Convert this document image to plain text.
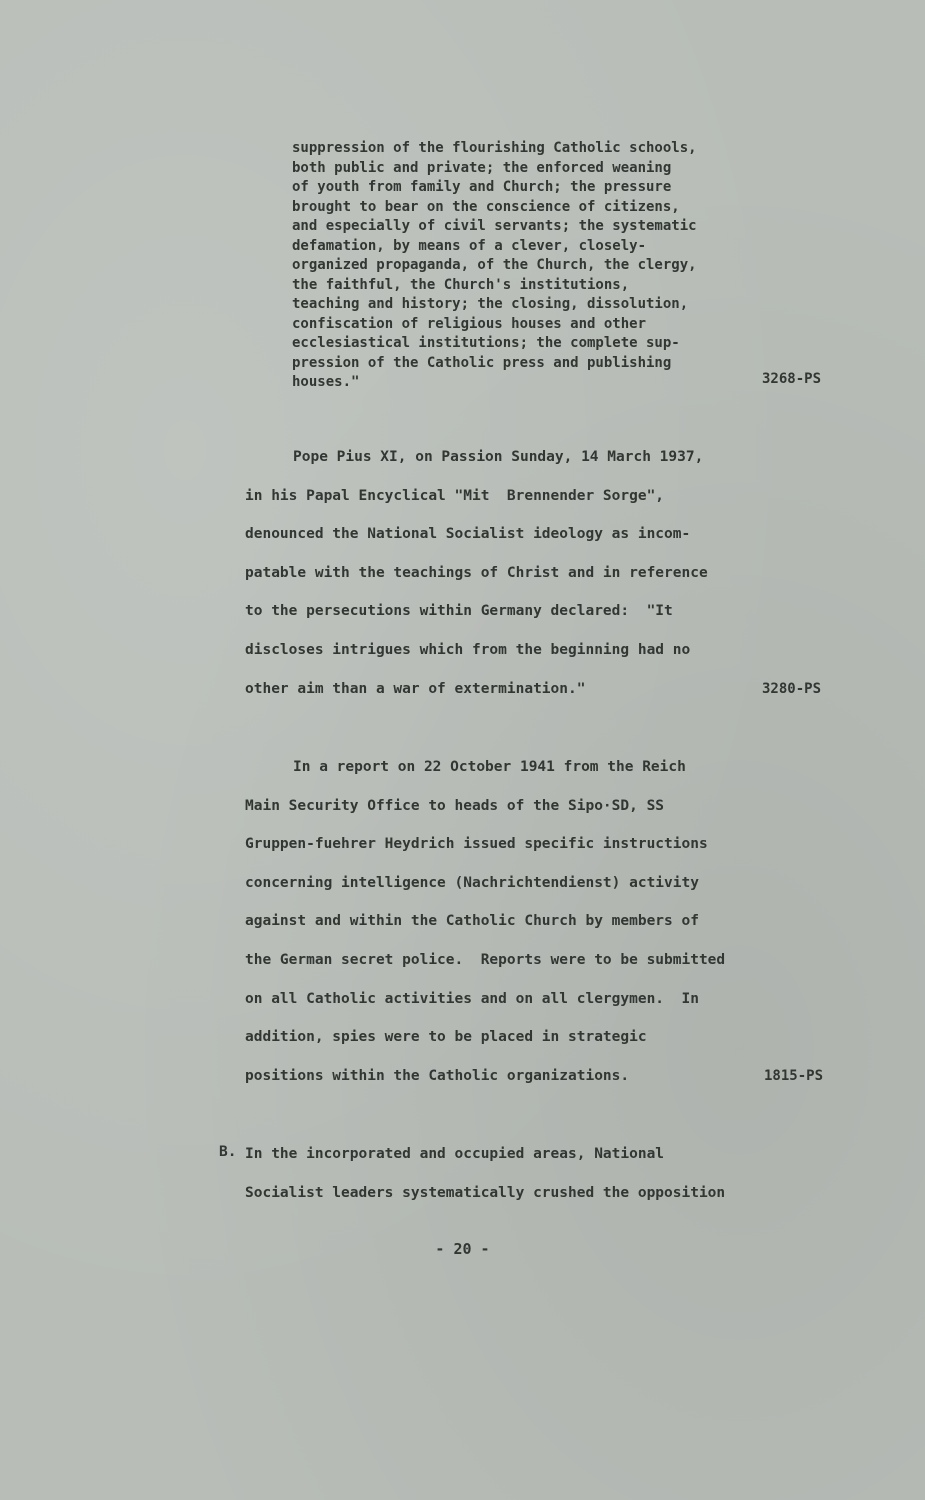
suppression of the flourishing Catholic schools,
both public and private; the enforced weaning
of youth from family and Church; the pressure
brought to bear on the conscience of citizens,
and especially of civil servants; the systematic
defamation, by means of a clever, closely-
organized propaganda, of the Church, the clergy,
the faithful, the Church's institutions,
teaching and history; the closing, dissolution,
confiscation of religious houses and other
ecclesiastical institutions; the complete sup-
pression of the Catholic press and publishing
houses."	3268-PS
Pope Pius XI, on Passion Sunday, 14 March 1937,
in his Papal Encyclical "Mit  Brennender Sorge",
denounced the National Socialist ideology as incom-
patable with the teachings of Christ and in reference
to the persecutions within Germany declared:  "It
discloses intrigues which from the beginning had no
other aim than a war of extermination."	3280-PS
In a report on 22 October 1941 from the Reich
Main Security Office to heads of the Sipo·SD, SS
Gruppen-fuehrer Heydrich issued specific instructions
concerning intelligence (Nachrichtendienst) activity
against and within the Catholic Church by members of
the German secret police.  Reports were to be submitted
on all Catholic activities and on all clergymen.  In
addition, spies were to be placed in strategic
positions within the Catholic organizations.	1815-PS
B. In the incorporated and occupied areas, National
Socialist leaders systematically crushed the opposition
- 20 -
